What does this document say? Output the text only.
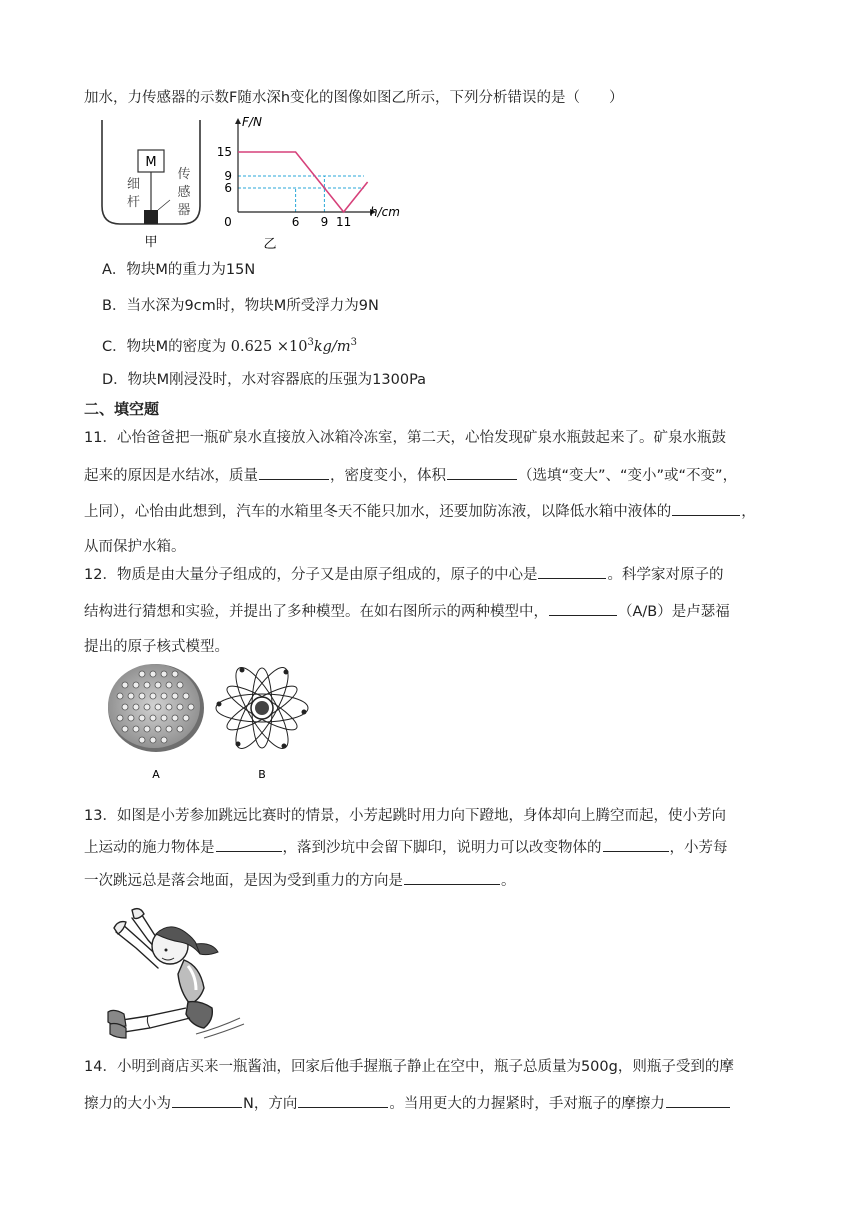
加水，力传感器的示数F随水深h变化的图像如图乙所示，下列分析错误的是（　　）
M
细
杆
传
感
器
甲
0	6 9 11
6
9
15
F/N
h/cm
乙
A．物块M的重力为15N
B．当水深为9cm时，物块M所受浮力为9N
C．物块M的密度为 $0.625 \times 10^3kg/m^3$
D．物块M刚浸没时，水对容器底的压强为1300Pa
二、填空题
11．心怡爸爸把一瓶矿泉水直接放入冰箱冷冻室，第二天，心怡发现矿泉水瓶鼓起来了。矿泉水瓶鼓
起来的原因是水结冰，质量	，密度变小，体积	（选填“变大”、“变小”或“不变”，
上同），心怡由此想到，汽车的水箱里冬天不能只加水，还要加防冻液，以降低水箱中液体的	，
从而保护水箱。
12．物质是由大量分子组成的，分子又是由原子组成的，原子的中心是	。科学家对原子的
结构进行猜想和实验，并提出了多种模型。在如右图所示的两种模型中，	（A/B）是卢瑟福
提出的原子核式模型。
A	B
13．如图是小芳参加跳远比赛时的情景，小芳起跳时用力向下蹬地，身体却向上腾空而起，使小芳向
上运动的施力物体是	，落到沙坑中会留下脚印，说明力可以改变物体的	，小芳每
一次跳远总是落会地面，是因为受到重力的方向是	。
14．小明到商店买来一瓶酱油，回家后他手握瓶子静止在空中，瓶子总质量为500g，则瓶子受到的摩
擦力的大小为	N，方向	。当用更大的力握紧时，手对瓶子的摩擦力
